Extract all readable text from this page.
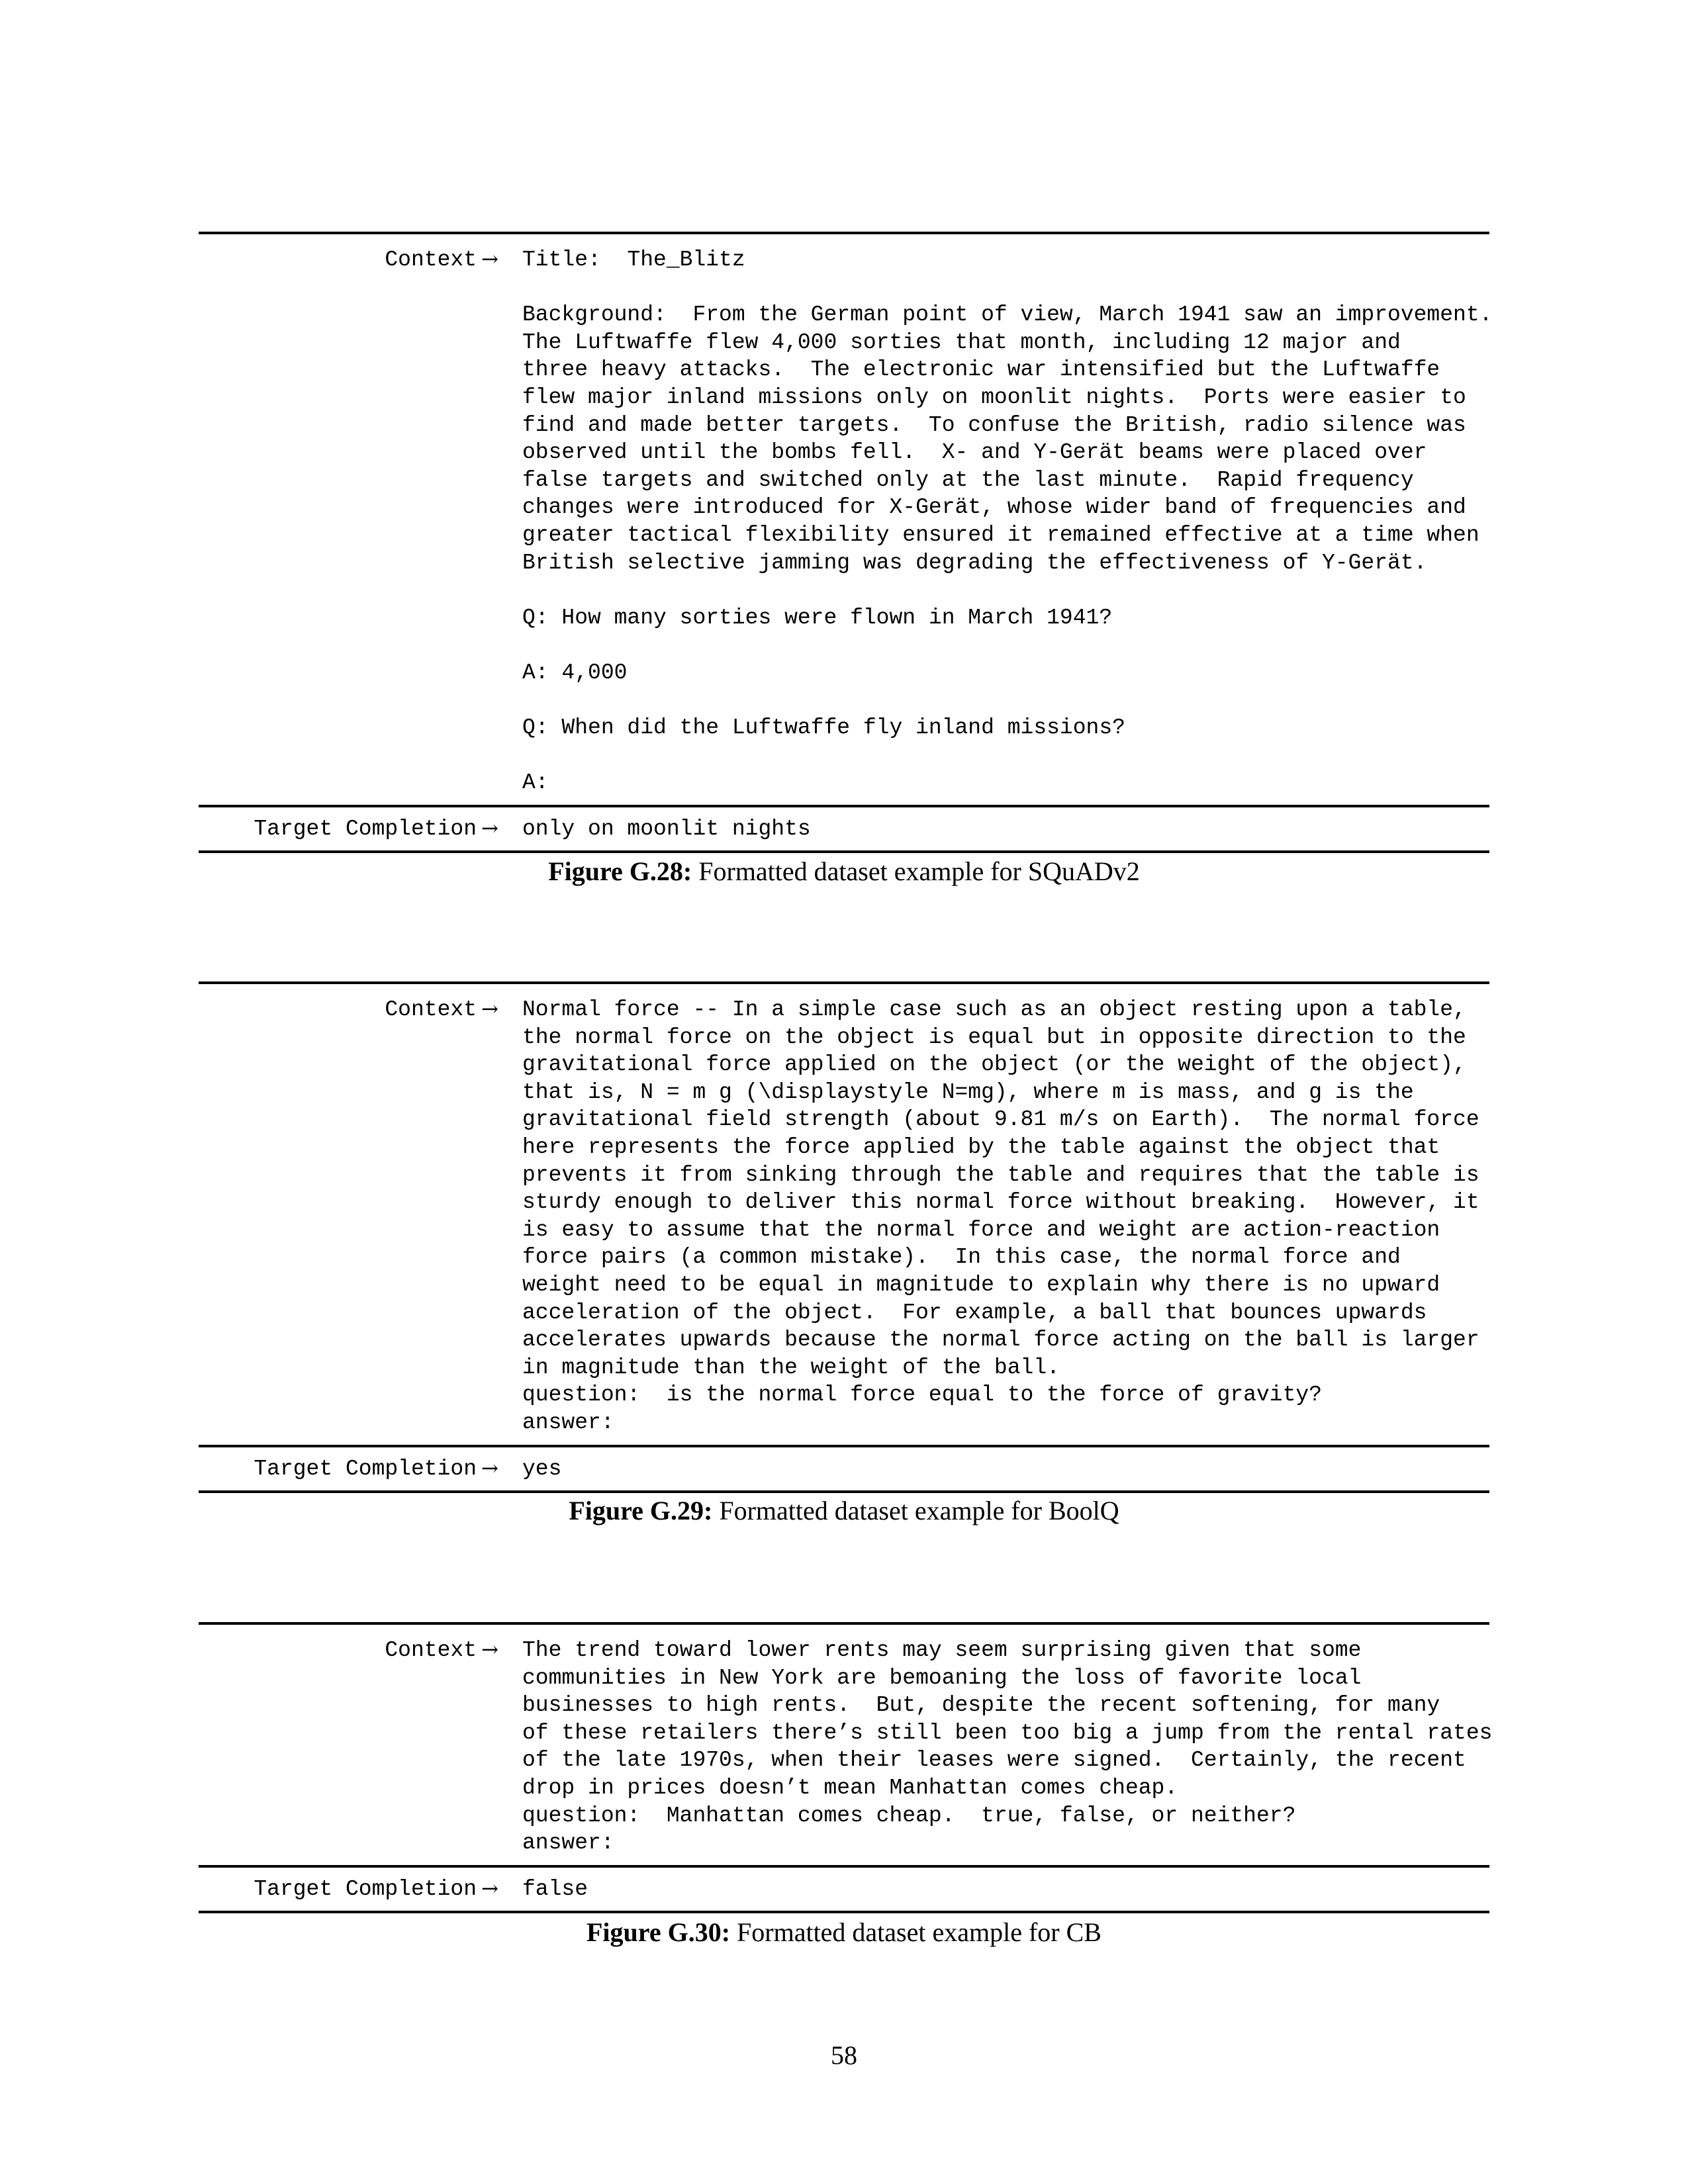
Context → Title:  The_Blitz

Background:  From the German point of view, March 1941 saw an improvement.
The Luftwaffe flew 4,000 sorties that month, including 12 major and
three heavy attacks.  The electronic war intensified but the Luftwaffe
flew major inland missions only on moonlit nights.  Ports were easier to
find and made better targets.  To confuse the British, radio silence was
observed until the bombs fell.  X- and Y-Gerät beams were placed over
false targets and switched only at the last minute.  Rapid frequency
changes were introduced for X-Gerät, whose wider band of frequencies and
greater tactical flexibility ensured it remained effective at a time when
British selective jamming was degrading the effectiveness of Y-Gerät.

Q: How many sorties were flown in March 1941?

A: 4,000

Q: When did the Luftwaffe fly inland missions?

A:
Target Completion → only on moonlit nights
Figure G.28: Formatted dataset example for SQuADv2
Context → Normal force -- In a simple case such as an object resting upon a table,
the normal force on the object is equal but in opposite direction to the
gravitational force applied on the object (or the weight of the object),
that is, N = m g (\displaystyle N=mg), where m is mass, and g is the
gravitational field strength (about 9.81 m/s on Earth).  The normal force
here represents the force applied by the table against the object that
prevents it from sinking through the table and requires that the table is
sturdy enough to deliver this normal force without breaking.  However, it
is easy to assume that the normal force and weight are action-reaction
force pairs (a common mistake).  In this case, the normal force and
weight need to be equal in magnitude to explain why there is no upward
acceleration of the object.  For example, a ball that bounces upwards
accelerates upwards because the normal force acting on the ball is larger
in magnitude than the weight of the ball.
question:  is the normal force equal to the force of gravity?
answer:
Target Completion → yes
Figure G.29: Formatted dataset example for BoolQ
Context → The trend toward lower rents may seem surprising given that some
communities in New York are bemoaning the loss of favorite local
businesses to high rents.  But, despite the recent softening, for many
of these retailers there’s still been too big a jump from the rental rates
of the late 1970s, when their leases were signed.  Certainly, the recent
drop in prices doesn’t mean Manhattan comes cheap.
question:  Manhattan comes cheap.  true, false, or neither?
answer:
Target Completion → false
Figure G.30: Formatted dataset example for CB
58
